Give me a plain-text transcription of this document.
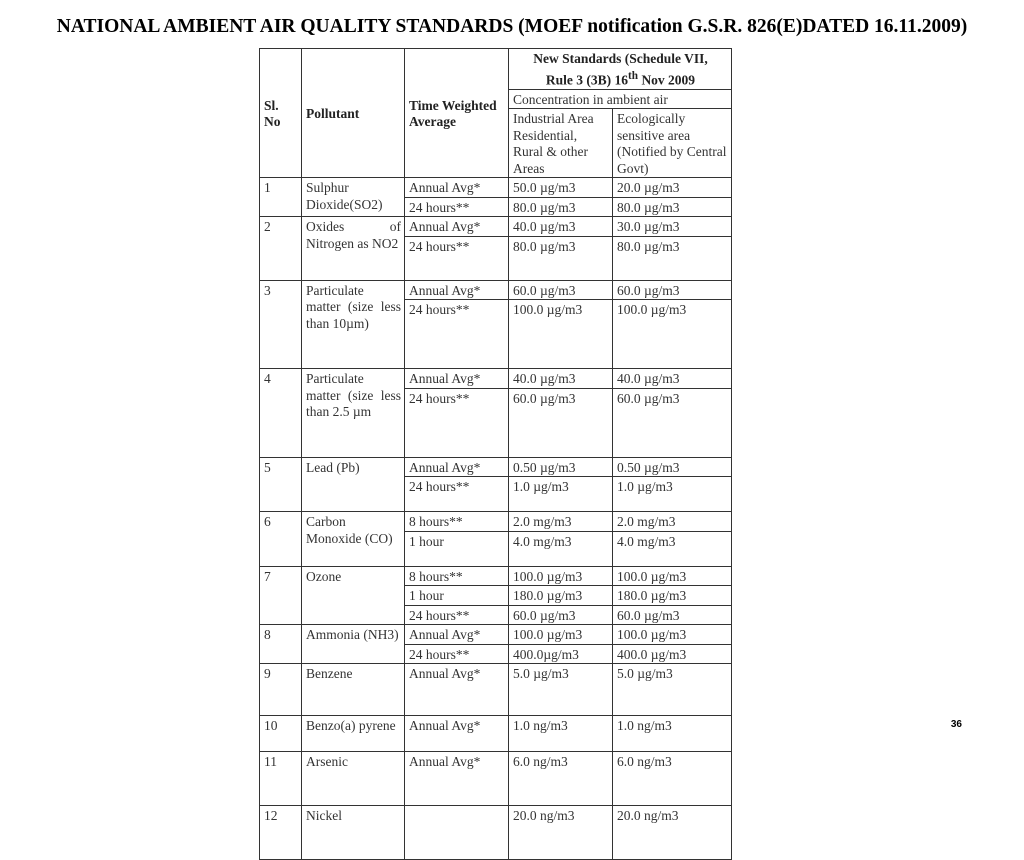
NATIONAL AMBIENT AIR QUALITY STANDARDS (MOEF notification G.S.R. 826(E)DATED 16.11.2009)
Sl. No	Pollutant	Time Weighted Average	New Standards (Schedule VII,
Rule 3 (3B) 16th Nov 2009	
			Concentration in ambient air	
			Industrial Area Residential, Rural & other Areas	Ecologically sensitive area (Notified by Central Govt)
1	Sulphur Dioxide(SO2)	Annual Avg*	50.0 µg/m3	20.0 µg/m3
		24 hours**	80.0 µg/m3	80.0 µg/m3
2	Oxides of Nitrogen as NO2	Annual Avg*	40.0 µg/m3	30.0 µg/m3
		24 hours**	80.0 µg/m3	80.0 µg/m3
3	Particulate matter (size less than 10µm)	Annual Avg*	60.0 µg/m3	60.0 µg/m3
		24 hours**	100.0 µg/m3	100.0 µg/m3
4	Particulate matter (size less than 2.5 µm	Annual Avg*	40.0 µg/m3	40.0 µg/m3
		24 hours**	60.0 µg/m3	60.0 µg/m3
5	Lead (Pb)	Annual Avg*	0.50 µg/m3	0.50 µg/m3
		24 hours**	1.0 µg/m3	1.0 µg/m3
6	Carbon Monoxide (CO)	8 hours**	2.0 mg/m3	2.0 mg/m3
		1 hour	4.0 mg/m3	4.0 mg/m3
7	Ozone	8 hours**	100.0 µg/m3	100.0 µg/m3
		1 hour	180.0 µg/m3	180.0 µg/m3
		24 hours**	60.0 µg/m3	60.0 µg/m3
8	Ammonia (NH3)	Annual Avg*	100.0 µg/m3	100.0 µg/m3
		24 hours**	400.0µg/m3	400.0 µg/m3
9	Benzene	Annual Avg*	5.0 µg/m3	5.0 µg/m3
10	Benzo(a) pyrene	Annual Avg*	1.0 ng/m3	1.0 ng/m3
11	Arsenic	Annual Avg*	6.0 ng/m3	6.0 ng/m3
12	Nickel		20.0 ng/m3	20.0 ng/m3
36
